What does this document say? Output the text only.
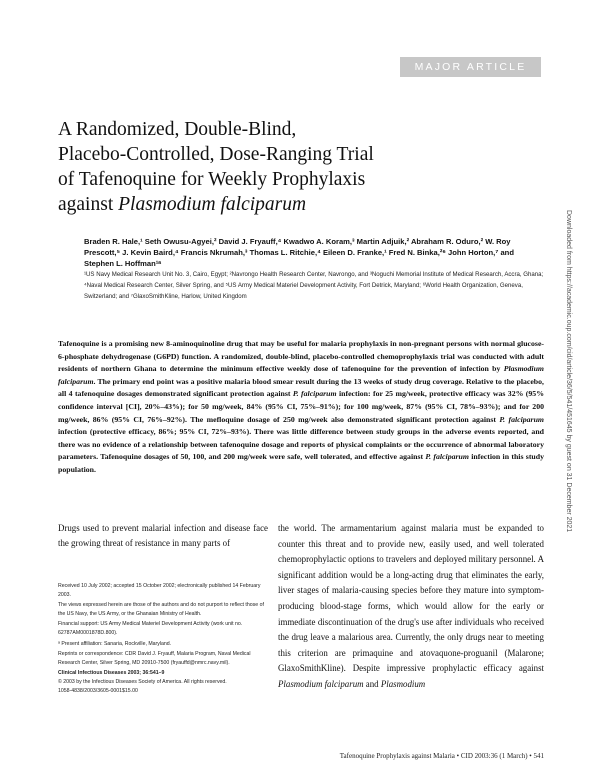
MAJOR ARTICLE
A Randomized, Double-Blind,
Placebo-Controlled, Dose-Ranging Trial
of Tafenoquine for Weekly Prophylaxis
against Plasmodium falciparum
Braden R. Hale,¹ Seth Owusu-Agyei,² David J. Fryauff,⁴ Kwadwo A. Koram,³ Martin Adjuik,² Abraham R. Oduro,² W. Roy Prescott,⁵ J. Kevin Baird,⁴ Francis Nkrumah,³ Thomas L. Ritchie,⁴ Eileen D. Franke,¹ Fred N. Binka,²⁶ John Horton,⁷ and Stephen L. Hoffman¹ᵃ
¹US Navy Medical Research Unit No. 3, Cairo, Egypt; ²Navrongo Health Research Center, Navrongo, and ³Noguchi Memorial Institute of Medical Research, Accra, Ghana; ⁴Naval Medical Research Center, Silver Spring, and ⁵US Army Medical Materiel Development Activity, Fort Detrick, Maryland; ⁶World Health Organization, Geneva, Switzerland; and ⁷GlaxoSmithKline, Harlow, United Kingdom
Tafenoquine is a promising new 8-aminoquinoline drug that may be useful for malaria prophylaxis in non-pregnant persons with normal glucose-6-phosphate dehydrogenase (G6PD) function. A randomized, double-blind, placebo-controlled chemoprophylaxis trial was conducted with adult residents of northern Ghana to determine the minimum effective weekly dose of tafenoquine for the prevention of infection by Plasmodium falciparum. The primary end point was a positive malaria blood smear result during the 13 weeks of study drug coverage. Relative to the placebo, all 4 tafenoquine dosages demonstrated significant protection against P. falciparum infection: for 25 mg/week, protective efficacy was 32% (95% confidence interval [CI], 20%–43%); for 50 mg/week, 84% (95% CI, 75%–91%); for 100 mg/week, 87% (95% CI, 78%–93%); and for 200 mg/week, 86% (95% CI, 76%–92%). The mefloquine dosage of 250 mg/week also demonstrated significant protection against P. falciparum infection (protective efficacy, 86%; 95% CI, 72%–93%). There was little difference between study groups in the adverse events reported, and there was no evidence of a relationship between tafenoquine dosage and reports of physical complaints or the occurrence of abnormal laboratory parameters. Tafenoquine dosages of 50, 100, and 200 mg/week were safe, well tolerated, and effective against P. falciparum infection in this study population.
Drugs used to prevent malarial infection and disease face the growing threat of resistance in many parts of

Received 10 July 2002; accepted 15 October 2002; electronically published 14 February 2003.

The views expressed herein are those of the authors and do not purport to reflect those of the US Navy, the US Army, or the Ghanaian Ministry of Health.

Financial support: US Army Medical Materiel Development Activity (work unit no. 62787AM0001878D.800).

ᵃ Present affiliation: Sanaria, Rockville, Maryland.

Reprints or correspondence: CDR David J. Fryauff, Malaria Program, Naval Medical Research Center, Silver Spring, MD 20910-7500 (fryauffd@nmrc.navy.mil).

Clinical Infectious Diseases 2003; 36:541–9

© 2003 by the Infectious Diseases Society of America. All rights reserved.

1058-4838/2003/3605-0001$15.00

the world. The armamentarium against malaria must be expanded to counter this threat and to provide new, easily used, and well tolerated chemoprophylactic options to travelers and deployed military personnel. A significant addition would be a long-acting drug that eliminates the early, liver stages of malaria-causing species before they mature into symptom-producing blood-stage forms, which would allow for the early or immediate discontinuation of the drug's use after individuals who received the drug leave a malarious area. Currently, the only drugs near to meeting this criterion are primaquine and atovaquone-proguanil (Malarone; GlaxoSmithKline). Despite impressive prophylactic efficacy against Plasmodium falciparum and Plasmodium
Tafenoquine Prophylaxis against Malaria • CID 2003:36 (1 March) • 541
Downloaded from https://academic.oup.com/cid/article/36/5/541/451645 by guest on 31 December 2021
